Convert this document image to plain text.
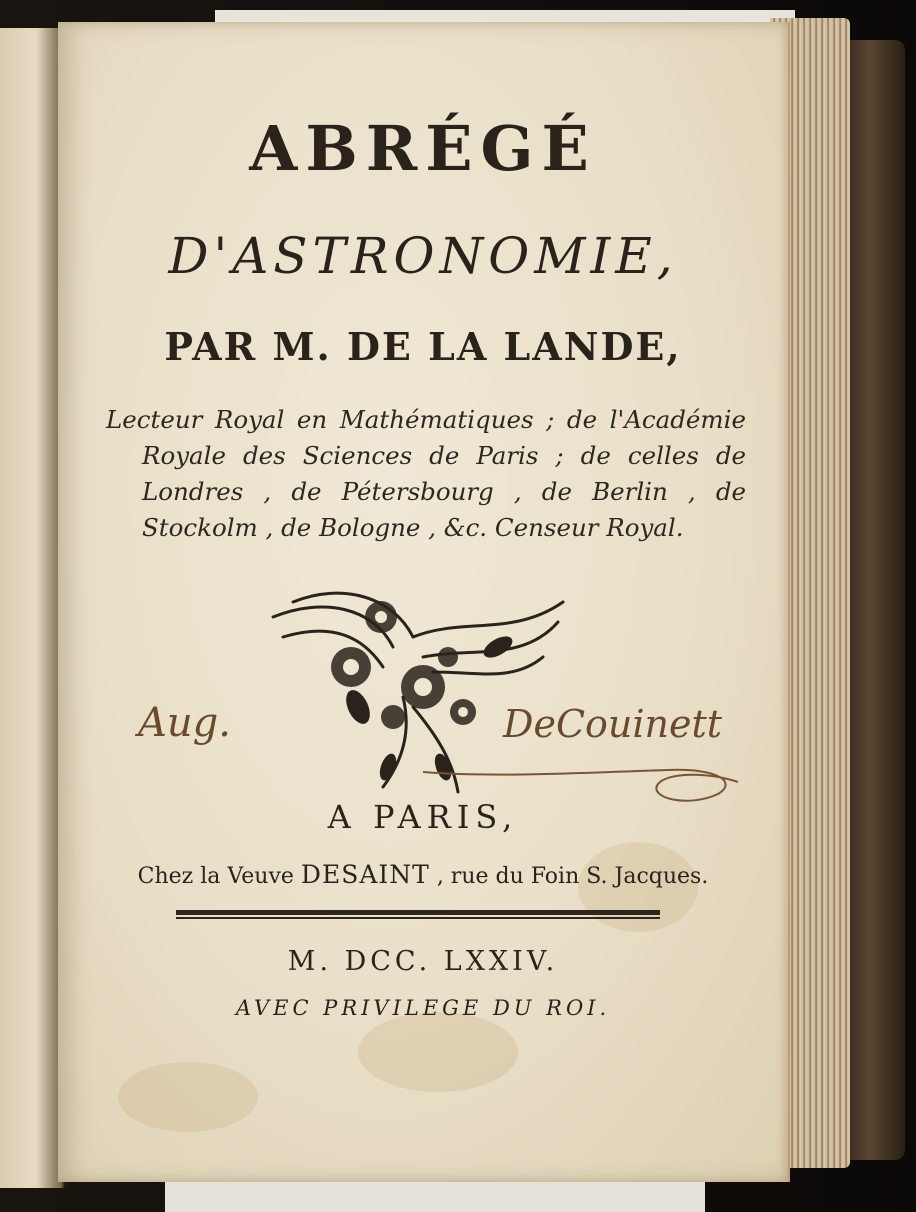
ABRÉGÉ
D'ASTRONOMIE,
PAR M. DE LA LANDE,
Lecteur Royal en Mathématiques ; de l'Académie
Royale des Sciences de Paris ; de celles de
Londres , de Pétersbourg , de Berlin , de
Stockolm , de Bologne , &c. Censeur Royal.
Aug.	DeCouinett
A PARIS,
Chez la Veuve DESAINT , rue du Foin S. Jacques.
M. DCC. LXXIV.
AVEC PRIVILEGE DU ROI.
